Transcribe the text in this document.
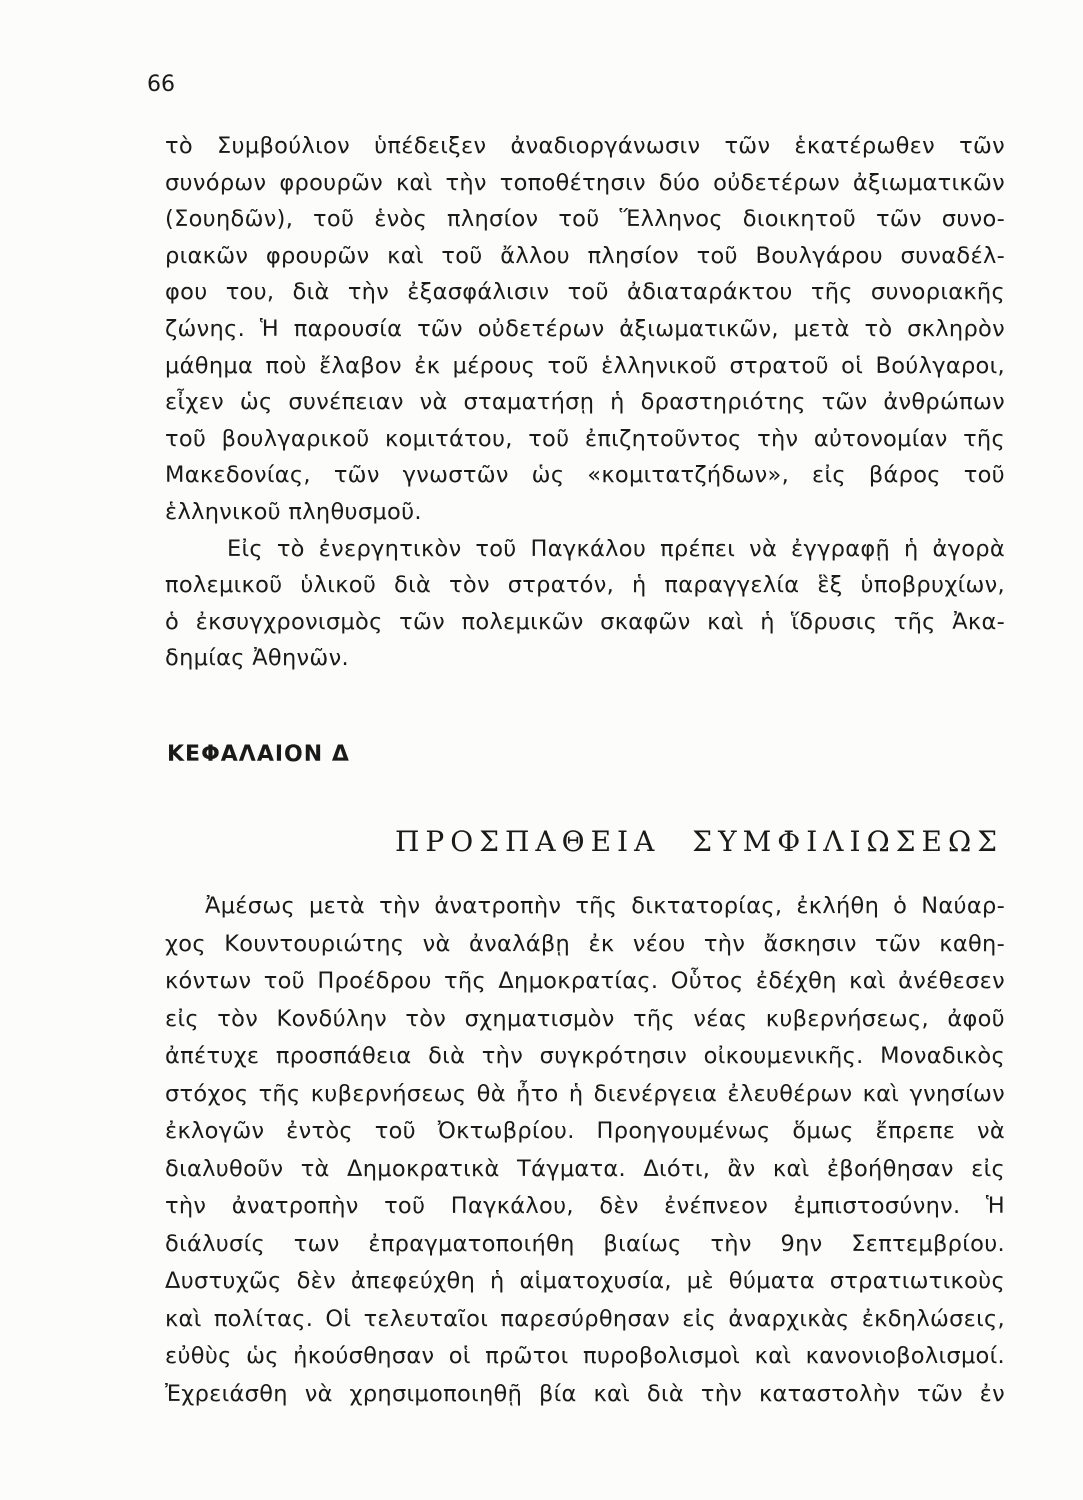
66
τὸ Συμβούλιον ὑπέδειξεν ἀναδιοργάνωσιν τῶν ἑκατέρωθεν τῶν
συνόρων φρουρῶν καὶ τὴν τοποθέτησιν δύο οὐδετέρων ἀξιωματικῶν
(Σουηδῶν), τοῦ ἑνὸς πλησίον τοῦ Ἕλληνος διοικητοῦ τῶν συνο-
ριακῶν φρουρῶν καὶ τοῦ ἄλλου πλησίον τοῦ Βουλγάρου συναδέλ-
φου του, διὰ τὴν ἐξασφάλισιν τοῦ ἀδιαταράκτου τῆς συνοριακῆς
ζώνης. Ἡ παρουσία τῶν οὐδετέρων ἀξιωματικῶν, μετὰ τὸ σκληρὸν
μάθημα ποὺ ἔλαβον ἐκ μέρους τοῦ ἑλληνικοῦ στρατοῦ οἱ Βούλγαροι,
εἶχεν ὡς συνέπειαν νὰ σταματήσῃ ἡ δραστηριότης τῶν ἀνθρώπων
τοῦ βουλγαρικοῦ κομιτάτου, τοῦ ἐπιζητοῦντος τὴν αὐτονομίαν τῆς
Μακεδονίας, τῶν γνωστῶν ὡς «κομιτατζήδων», εἰς βάρος τοῦ
ἑλληνικοῦ πληθυσμοῦ.
Εἰς τὸ ἐνεργητικὸν τοῦ Παγκάλου πρέπει νὰ ἐγγραφῇ ἡ ἀγορὰ
πολεμικοῦ ὑλικοῦ διὰ τὸν στρατόν, ἡ παραγγελία ἓξ ὑποβρυχίων,
ὁ ἐκσυγχρονισμὸς τῶν πολεμικῶν σκαφῶν καὶ ἡ ἵδρυσις τῆς Ἀκα-
δημίας Ἀθηνῶν.
ΚΕΦΑΛΑΙΟΝ Δ
ΠΡΟΣΠΑΘΕΙΑ ΣΥΜΦΙΛΙΩΣΕΩΣ
Ἀμέσως μετὰ τὴν ἀνατροπὴν τῆς δικτατορίας, ἐκλήθη ὁ Ναύαρ-
χος Κουντουριώτης νὰ ἀναλάβῃ ἐκ νέου τὴν ἄσκησιν τῶν καθη-
κόντων τοῦ Προέδρου τῆς Δημοκρατίας. Οὗτος ἐδέχθη καὶ ἀνέθεσεν
εἰς τὸν Κονδύλην τὸν σχηματισμὸν τῆς νέας κυβερνήσεως, ἀφοῦ
ἀπέτυχε προσπάθεια διὰ τὴν συγκρότησιν οἰκουμενικῆς. Μοναδικὸς
στόχος τῆς κυβερνήσεως θὰ ἦτο ἡ διενέργεια ἐλευθέρων καὶ γνησίων
ἐκλογῶν ἐντὸς τοῦ Ὀκτωβρίου. Προηγουμένως ὅμως ἔπρεπε νὰ
διαλυθοῦν τὰ Δημοκρατικὰ Τάγματα. Διότι, ἂν καὶ ἐβοήθησαν εἰς
τὴν ἀνατροπὴν τοῦ Παγκάλου, δὲν ἐνέπνεον ἐμπιστοσύνην. Ἡ
διάλυσίς των ἐπραγματοποιήθη βιαίως τὴν 9ην Σεπτεμβρίου.
Δυστυχῶς δὲν ἀπεφεύχθη ἡ αἱματοχυσία, μὲ θύματα στρατιωτικοὺς
καὶ πολίτας. Οἱ τελευταῖοι παρεσύρθησαν εἰς ἀναρχικὰς ἐκδηλώσεις,
εὐθὺς ὡς ἠκούσθησαν οἱ πρῶτοι πυροβολισμοὶ καὶ κανονιοβολισμοί.
Ἐχρειάσθη νὰ χρησιμοποιηθῇ βία καὶ διὰ τὴν καταστολὴν τῶν ἐν
